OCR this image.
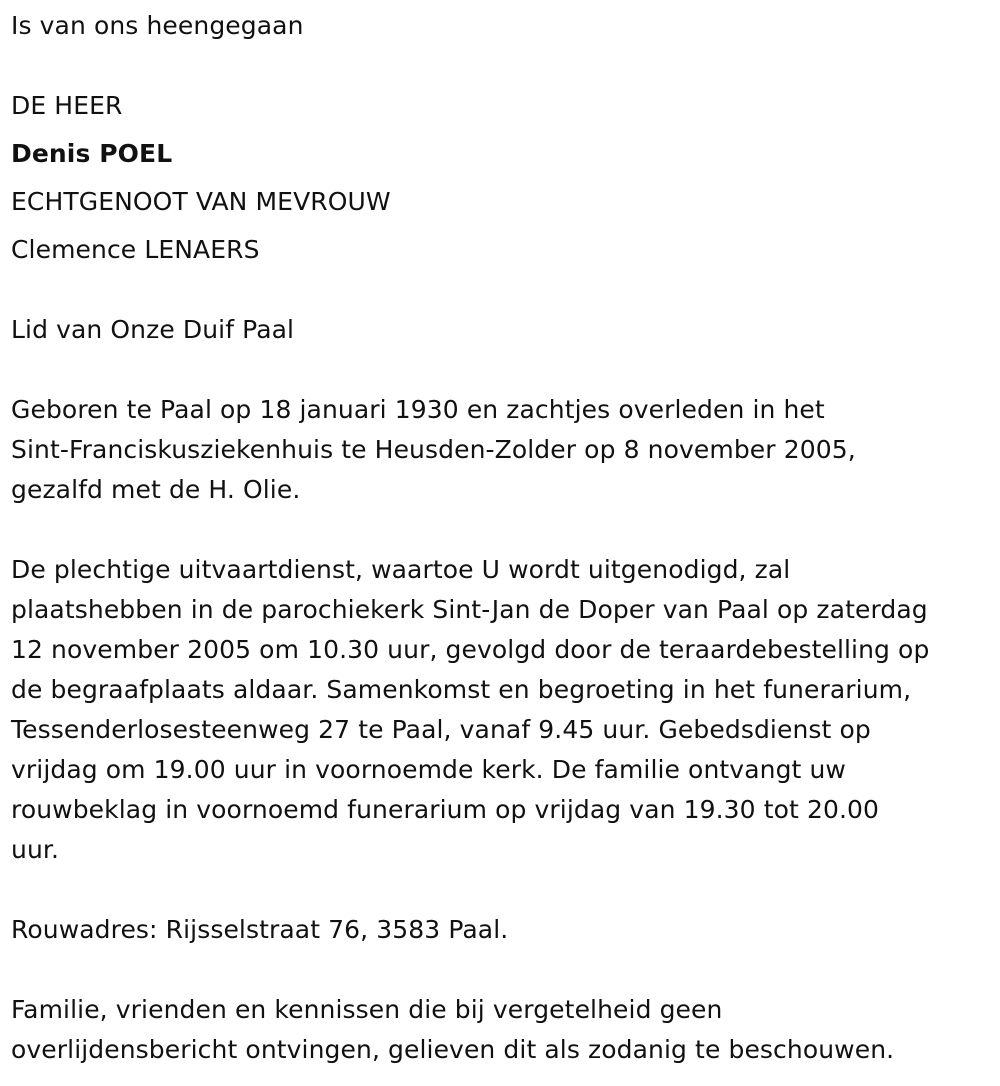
Is van ons heengegaan
DE HEER
Denis POEL
ECHTGENOOT VAN MEVROUW
Clemence LENAERS
Lid van Onze Duif Paal
Geboren te Paal op 18 januari 1930 en zachtjes overleden in het
Sint-Franciskusziekenhuis te Heusden-Zolder op 8 november 2005,
gezalfd met de H. Olie.
De plechtige uitvaartdienst, waartoe U wordt uitgenodigd, zal
plaatshebben in de parochiekerk Sint-Jan de Doper van Paal op zaterdag
12 november 2005 om 10.30 uur, gevolgd door de teraardebestelling op
de begraafplaats aldaar. Samenkomst en begroeting in het funerarium,
Tessenderlosesteenweg 27 te Paal, vanaf 9.45 uur. Gebedsdienst op
vrijdag om 19.00 uur in voornoemde kerk. De familie ontvangt uw
rouwbeklag in voornoemd funerarium op vrijdag van 19.30 tot 20.00
uur.
Rouwadres: Rijsselstraat 76, 3583 Paal.
Familie, vrienden en kennissen die bij vergetelheid geen
overlijdensbericht ontvingen, gelieven dit als zodanig te beschouwen.
